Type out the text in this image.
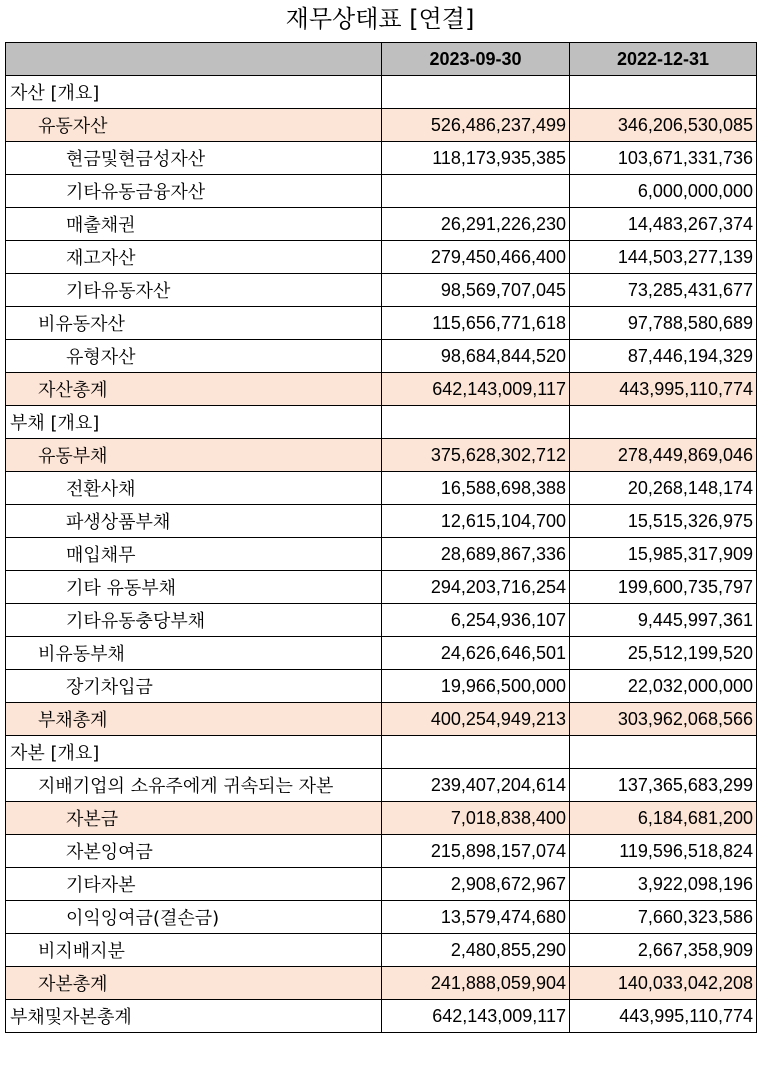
재무상태표 [연결]
	2023-09-30	2022-12-31
자산 [개요]		
유동자산	526,486,237,499	346,206,530,085
현금및현금성자산	118,173,935,385	103,671,331,736
기타유동금융자산		6,000,000,000
매출채권	26,291,226,230	14,483,267,374
재고자산	279,450,466,400	144,503,277,139
기타유동자산	98,569,707,045	73,285,431,677
비유동자산	115,656,771,618	97,788,580,689
유형자산	98,684,844,520	87,446,194,329
자산총계	642,143,009,117	443,995,110,774
부채 [개요]		
유동부채	375,628,302,712	278,449,869,046
전환사채	16,588,698,388	20,268,148,174
파생상품부채	12,615,104,700	15,515,326,975
매입채무	28,689,867,336	15,985,317,909
기타 유동부채	294,203,716,254	199,600,735,797
기타유동충당부채	6,254,936,107	9,445,997,361
비유동부채	24,626,646,501	25,512,199,520
장기차입금	19,966,500,000	22,032,000,000
부채총계	400,254,949,213	303,962,068,566
자본 [개요]		
지배기업의 소유주에게 귀속되는 자본	239,407,204,614	137,365,683,299
자본금	7,018,838,400	6,184,681,200
자본잉여금	215,898,157,074	119,596,518,824
기타자본	2,908,672,967	3,922,098,196
이익잉여금(결손금)	13,579,474,680	7,660,323,586
비지배지분	2,480,855,290	2,667,358,909
자본총계	241,888,059,904	140,033,042,208
부채및자본총계	642,143,009,117	443,995,110,774
